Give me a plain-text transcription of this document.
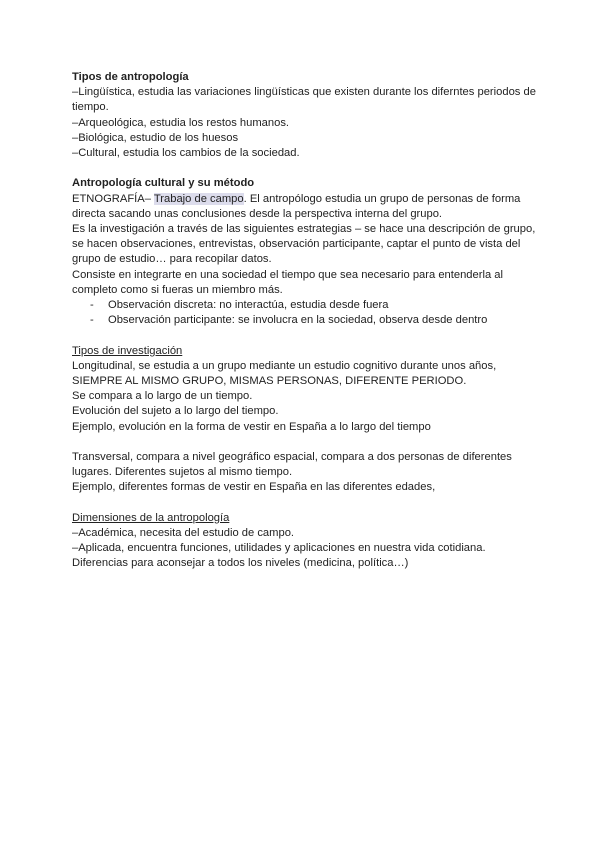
Tipos de antropología

–Lingüística, estudia las variaciones lingüísticas que existen durante los diferntes periodos de tiempo.

–Arqueológica, estudia los restos humanos.

–Biológica, estudio de los huesos

–Cultural, estudia los cambios de la sociedad.

Antropología cultural y su método

ETNOGRAFÍA– Trabajo de campo. El antropólogo estudia un grupo de personas de forma directa sacando unas conclusiones desde la perspectiva interna del grupo.

Es la investigación a través de las siguientes estrategias – se hace una descripción de grupo, se hacen observaciones, entrevistas, observación participante, captar el punto de vista del grupo de estudio… para recopilar datos.

Consiste en integrarte en una sociedad el tiempo que sea necesario para entenderla al completo como si fueras un miembro más.

- Observación discreta: no interactúa, estudia desde fuera
- Observación participante: se involucra en la sociedad, observa desde dentro

Tipos de investigación

Longitudinal, se estudia a un grupo mediante un estudio cognitivo durante unos años, SIEMPRE AL MISMO GRUPO, MISMAS PERSONAS, DIFERENTE PERIODO.

Se compara a lo largo de un tiempo.

Evolución del sujeto a lo largo del tiempo.

Ejemplo, evolución en la forma de vestir en España a lo largo del tiempo

Transversal, compara a nivel geográfico espacial, compara a dos personas de diferentes lugares. Diferentes sujetos al mismo tiempo.

Ejemplo, diferentes formas de vestir en España en las diferentes edades,

Dimensiones de la antropología

–Académica, necesita del estudio de campo.

–Aplicada, encuentra funciones, utilidades y aplicaciones en nuestra vida cotidiana.

Diferencias para aconsejar a todos los niveles (medicina, política…)
